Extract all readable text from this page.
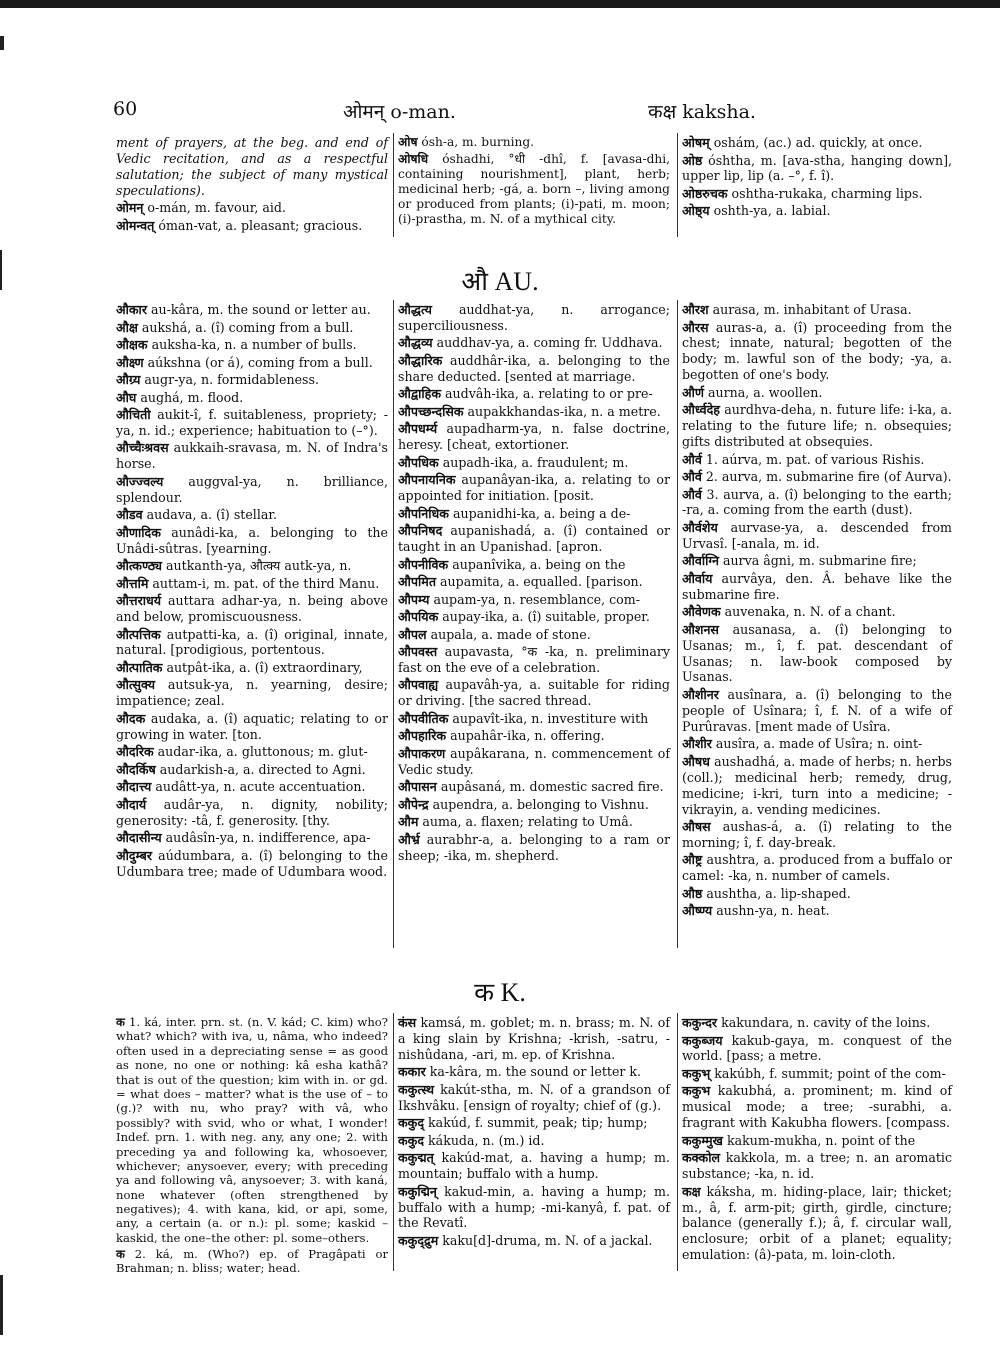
60	ओमन् o-man.	कक्ष kaksha.
ment of prayers, at the beg. and end of Vedic recitation, and as a respectful salutation; the subject of many mystical speculations).
ओमन् o-mán, m. favour, aid.
ओमन्वत् óman-vat, a. pleasant; gracious.
ओष ósh-a, m. burning.
ओषधि óshadhi, °धी -dhî, f. [avasa-dhi, containing nourishment], plant, herb; medicinal herb; -gá, a. born –, living among or produced from plants; (i)-pati, m. moon; (i)-prastha, m. N. of a mythical city.
ओषम् oshám, (ac.) ad. quickly, at once.
ओष्ठ óshtha, m. [ava-stha, hanging down], upper lip, lip (a. –°, f. î).
ओष्ठरुचक oshtha-rukaka, charming lips.
ओष्ठ्य oshth-ya, a. labial.
औ AU.
औकार au-kâra, m. the sound or letter au.
औक्ष aukshá, a. (î) coming from a bull.
औक्षक auksha-ka, n. a number of bulls.
औक्ष्ण aúkshna (or á), coming from a bull.
औग्र्य augr-ya, n. formidableness.
औघ aughá, m. flood.
औचिती aukit-î, f. suitableness, propriety; -ya, n. id.; experience; habituation to (–°).
औच्चैःश्रवस aukkaih-sravasa, m. N. of Indra's horse.
औज्ज्वल्य auggval-ya, n. brilliance, splendour.
औडव audava, a. (î) stellar.
औणादिक aunâdi-ka, a. belonging to the Unâdi-sûtras. [yearning.
औत्कण्ठ्य autkanth-ya, औत्क्य autk-ya, n.
औत्तमि auttam-i, m. pat. of the third Manu.
औत्तराधर्य auttara adhar-ya, n. being above and below, promiscuousness.
औत्पत्तिक autpatti-ka, a. (î) original, innate, natural. [prodigious, portentous.
औत्पातिक autpât-ika, a. (î) extraordinary,
औत्सुक्य autsuk-ya, n. yearning, desire; impatience; zeal.
औदक audaka, a. (î) aquatic; relating to or growing in water. [ton.
औदरिक audar-ika, a. gluttonous; m. glut-
औदर्किष audarkish-a, a. directed to Agni.
औदात्त्य audâtt-ya, n. acute accentuation.
औदार्य audâr-ya, n. dignity, nobility; generosity: -tâ, f. generosity. [thy.
औदासीन्य audâsîn-ya, n. indifference, apa-
औदुम्बर aúdumbara, a. (î) belonging to the Udumbara tree; made of Udumbara wood.
औद्धत्य auddhat-ya, n. arrogance; superciliousness.
औद्धव्य auddhav-ya, a. coming fr. Uddhava.
औद्धारिक auddhâr-ika, a. belonging to the share deducted. [sented at marriage.
औद्वाहिक audvâh-ika, a. relating to or pre-
औपच्छन्दसिक aupakkhandas-ika, n. a metre.
औपधर्म्य aupadharm-ya, n. false doctrine, heresy. [cheat, extortioner.
औपधिक aupadh-ika, a. fraudulent; m.
औपनायनिक aupanâyan-ika, a. relating to or appointed for initiation. [posit.
औपनिधिक aupanidhi-ka, a. being a de-
औपनिषद aupanishadá, a. (î) contained or taught in an Upanishad. [apron.
औपनीविक aupanîvika, a. being on the
औपमित aupamita, a. equalled. [parison.
औपम्य aupam-ya, n. resemblance, com-
औपयिक aupay-ika, a. (î) suitable, proper.
औपल aupala, a. made of stone.
औपवस्त aupavasta, °क -ka, n. preliminary fast on the eve of a celebration.
औपवाह्य aupavâh-ya, a. suitable for riding or driving. [the sacred thread.
औपवीतिक aupavît-ika, n. investiture with
औपहारिक aupahâr-ika, n. offering.
औपाकरण aupâkarana, n. commencement of Vedic study.
औपासन aupâsaná, m. domestic sacred fire.
औपेन्द्र aupendra, a. belonging to Vishnu.
औम auma, a. flaxen; relating to Umâ.
और्भ्र aurabhr-a, a. belonging to a ram or sheep; -ika, m. shepherd.
औरश aurasa, m. inhabitant of Urasa.
औरस auras-a, a. (î) proceeding from the chest; innate, natural; begotten of the body; m. lawful son of the body; -ya, a. begotten of one's body.
और्ण aurna, a. woollen.
और्ध्वदेह aurdhva-deha, n. future life: i-ka, a. relating to the future life; n. obsequies; gifts distributed at obsequies.
और्व 1. aúrva, m. pat. of various Rishis.
और्व 2. aurva, m. submarine fire (of Aurva).
और्व 3. aurva, a. (î) belonging to the earth; -ra, a. coming from the earth (dust).
और्वशेय aurvase-ya, a. descended from Urvasî. [-anala, m. id.
और्वाग्नि aurva âgni, m. submarine fire;
और्वाय aurvâya, den. Â. behave like the submarine fire.
औवेणक auvenaka, n. N. of a chant.
औशनस ausanasa, a. (î) belonging to Usanas; m., î, f. pat. descendant of Usanas; n. law-book composed by Usanas.
औशीनर ausînara, a. (î) belonging to the people of Usînara; î, f. N. of a wife of Purûravas. [ment made of Usîra.
औशीर ausîra, a. made of Usîra; n. oint-
औषध aushadhá, a. made of herbs; n. herbs (coll.); medicinal herb; remedy, drug, medicine; i-kri, turn into a medicine; -vikrayin, a. vending medicines.
औषस aushas-á, a. (î) relating to the morning; î, f. day-break.
औष्ट्र aushtra, a. produced from a buffalo or camel: -ka, n. number of camels.
औष्ठ aushtha, a. lip-shaped.
औष्ण्य aushn-ya, n. heat.
क K.
क 1. ká, inter. prn. st. (n. V. kád; C. kim) who? what? which? with iva, u, nâma, who indeed? often used in a depreciating sense = as good as none, no one or nothing: kâ esha kathâ? that is out of the question; kim with in. or gd. = what does – matter? what is the use of – to (g.)? with nu, who pray? with vâ, who possibly? with svid, who or what, I wonder! Indef. prn. 1. with neg. any, any one; 2. with preceding ya and following ka, whosoever, whichever; anysoever, every; with preceding ya and following vâ, anysoever; 3. with kaná, none whatever (often strengthened by negatives); 4. with kana, kid, or api, some, any, a certain (a. or n.): pl. some; kaskid – kaskid, the one–the other: pl. some–others.
क 2. ká, m. (Who?) ep. of Pragâpati or Brahman; n. bliss; water; head.
कंस kamsá, m. goblet; m. n. brass; m. N. of a king slain by Krishna; -krish, -satru, -nishûdana, -ari, m. ep. of Krishna.
ककार ka-kâra, m. the sound or letter k.
ककुत्स्थ kakút-stha, m. N. of a grandson of Ikshvâku. [ensign of royalty; chief of (g.).
ककुद् kakúd, f. summit, peak; tip; hump;
ककुद kákuda, n. (m.) id.
ककुद्मत् kakúd-mat, a. having a hump; m. mountain; buffalo with a hump.
ककुद्मिन् kakud-min, a. having a hump; m. buffalo with a hump; -mi-kanyâ, f. pat. of the Revatî.
ककुद्द्रुम kaku[d]-druma, m. N. of a jackal.
ककुन्दर kakundara, n. cavity of the loins.
ककुब्जय kakub-gaya, m. conquest of the world. [pass; a metre.
ककुभ् kakúbh, f. summit; point of the com-
ककुभ kakubhá, a. prominent; m. kind of musical mode; a tree; -surabhi, a. fragrant with Kakubha flowers. [compass.
ककुम्मुख kakum-mukha, n. point of the
कक्कोल kakkola, m. a tree; n. an aromatic substance; -ka, n. id.
कक्ष káksha, m. hiding-place, lair; thicket; m., â, f. arm-pit; girth, girdle, cincture; balance (generally f.); â, f. circular wall, enclosure; orbit of a planet; equality; emulation: (â)-pata, m. loin-cloth.
